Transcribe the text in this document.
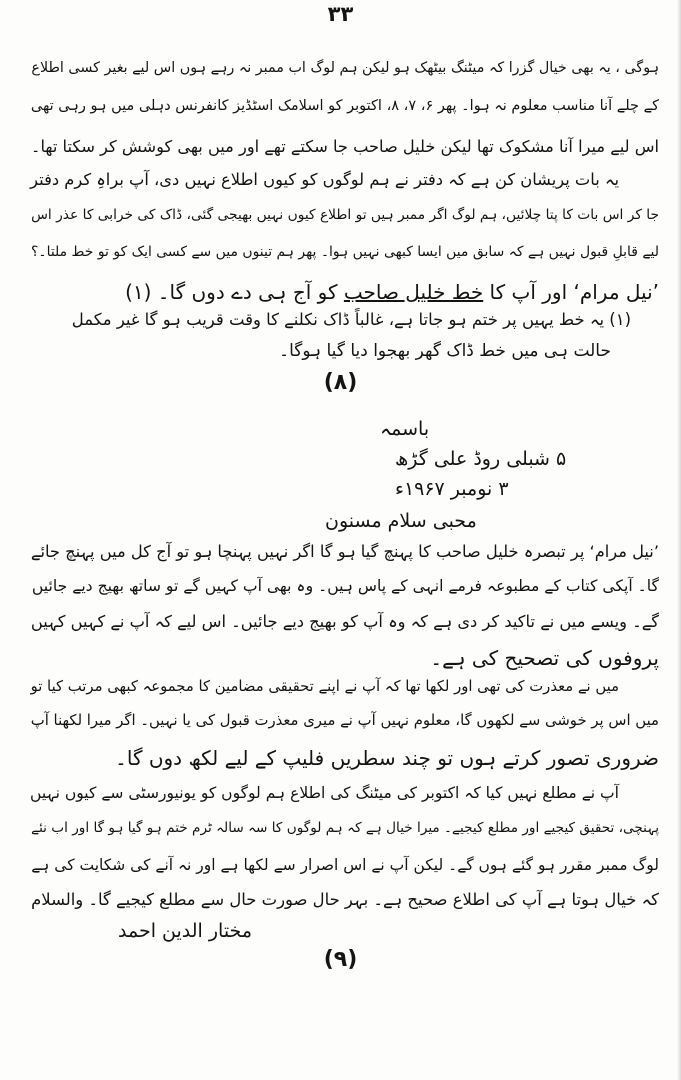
۳۳
ہوگی ، یہ بھی خیال گزرا کہ میٹنگ بیٹھک ہو لیکن ہم لوگ اب ممبر نہ رہے ہوں اس لیے بغیر کسی اطلاع
کے چلے آنا مناسب معلوم نہ ہوا۔ پھر ۶، ۷، ۸، اکتوبر کو اسلامک اسٹڈیز کانفرنس دہلی میں ہو رہی تھی
اس لیے میرا آنا مشکوک تھا لیکن خلیل صاحب جا سکتے تھے اور میں بھی کوشش کر سکتا تھا۔
یہ بات پریشان کن ہے کہ دفتر نے ہم لوگوں کو کیوں اطلاع نہیں دی، آپ براہِ کرم دفتر
جا کر اس بات کا پتا چلائیں، ہم لوگ اگر ممبر ہیں تو اطلاع کیوں نہیں بھیجی گئی، ڈاک کی خرابی کا عذر اس
لیے قابلِ قبول نہیں ہے کہ سابق میں ایسا کبھی نہیں ہوا۔ پھر ہم تینوں میں سے کسی ایک کو تو خط ملتا۔؟
’نیل مرام‘ اور آپ کا خط خلیل صاحب کو آج ہی دے دوں گا۔ (۱)
(۱) یہ خط یہیں پر ختم ہو جاتا ہے، غالباً ڈاک نکلنے کا وقت قریب ہو گا غیر مکمل
حالت ہی میں خط ڈاک گھر بھجوا دیا گیا ہوگا۔
(۸)
باسمہ
۵ شبلی روڈ علی گڑھ
۳ نومبر ۱۹۶۷ء
محبی سلام مسنون
’نیل مرام‘ پر تبصرہ خلیل صاحب کا پہنچ گیا ہو گا اگر نہیں پہنچا ہو تو آج کل میں پہنچ جائے
گا۔ آپکی کتاب کے مطبوعہ فرمے انہی کے پاس ہیں۔ وہ بھی آپ کہیں گے تو ساتھ بھیج دیے جائیں
گے۔ ویسے میں نے تاکید کر دی ہے کہ وہ آپ کو بھیج دیے جائیں۔ اس لیے کہ آپ نے کہیں کہیں
پروفوں کی تصحیح کی ہے۔
میں نے معذرت کی تھی اور لکھا تھا کہ آپ نے اپنے تحقیقی مضامین کا مجموعہ کبھی مرتب کیا تو
میں اس پر خوشی سے لکھوں گا، معلوم نہیں آپ نے میری معذرت قبول کی یا نہیں۔ اگر میرا لکھنا آپ
ضروری تصور کرتے ہوں تو چند سطریں فلیپ کے لیے لکھ دوں گا۔
آپ نے مطلع نہیں کیا کہ اکتوبر کی میٹنگ کی اطلاع ہم لوگوں کو یونیورسٹی سے کیوں نہیں
پہنچی، تحقیق کیجیے اور مطلع کیجیے۔ میرا خیال ہے کہ ہم لوگوں کا سہ سالہ ٹرم ختم ہو گیا ہو گا اور اب نئے
لوگ ممبر مقرر ہو گئے ہوں گے۔ لیکن آپ نے اس اصرار سے لکھا ہے اور نہ آنے کی شکایت کی ہے
کہ خیال ہوتا ہے آپ کی اطلاع صحیح ہے۔ بہر حال صورت حال سے مطلع کیجیے گا۔ والسلام
مختار الدین احمد
(۹)
